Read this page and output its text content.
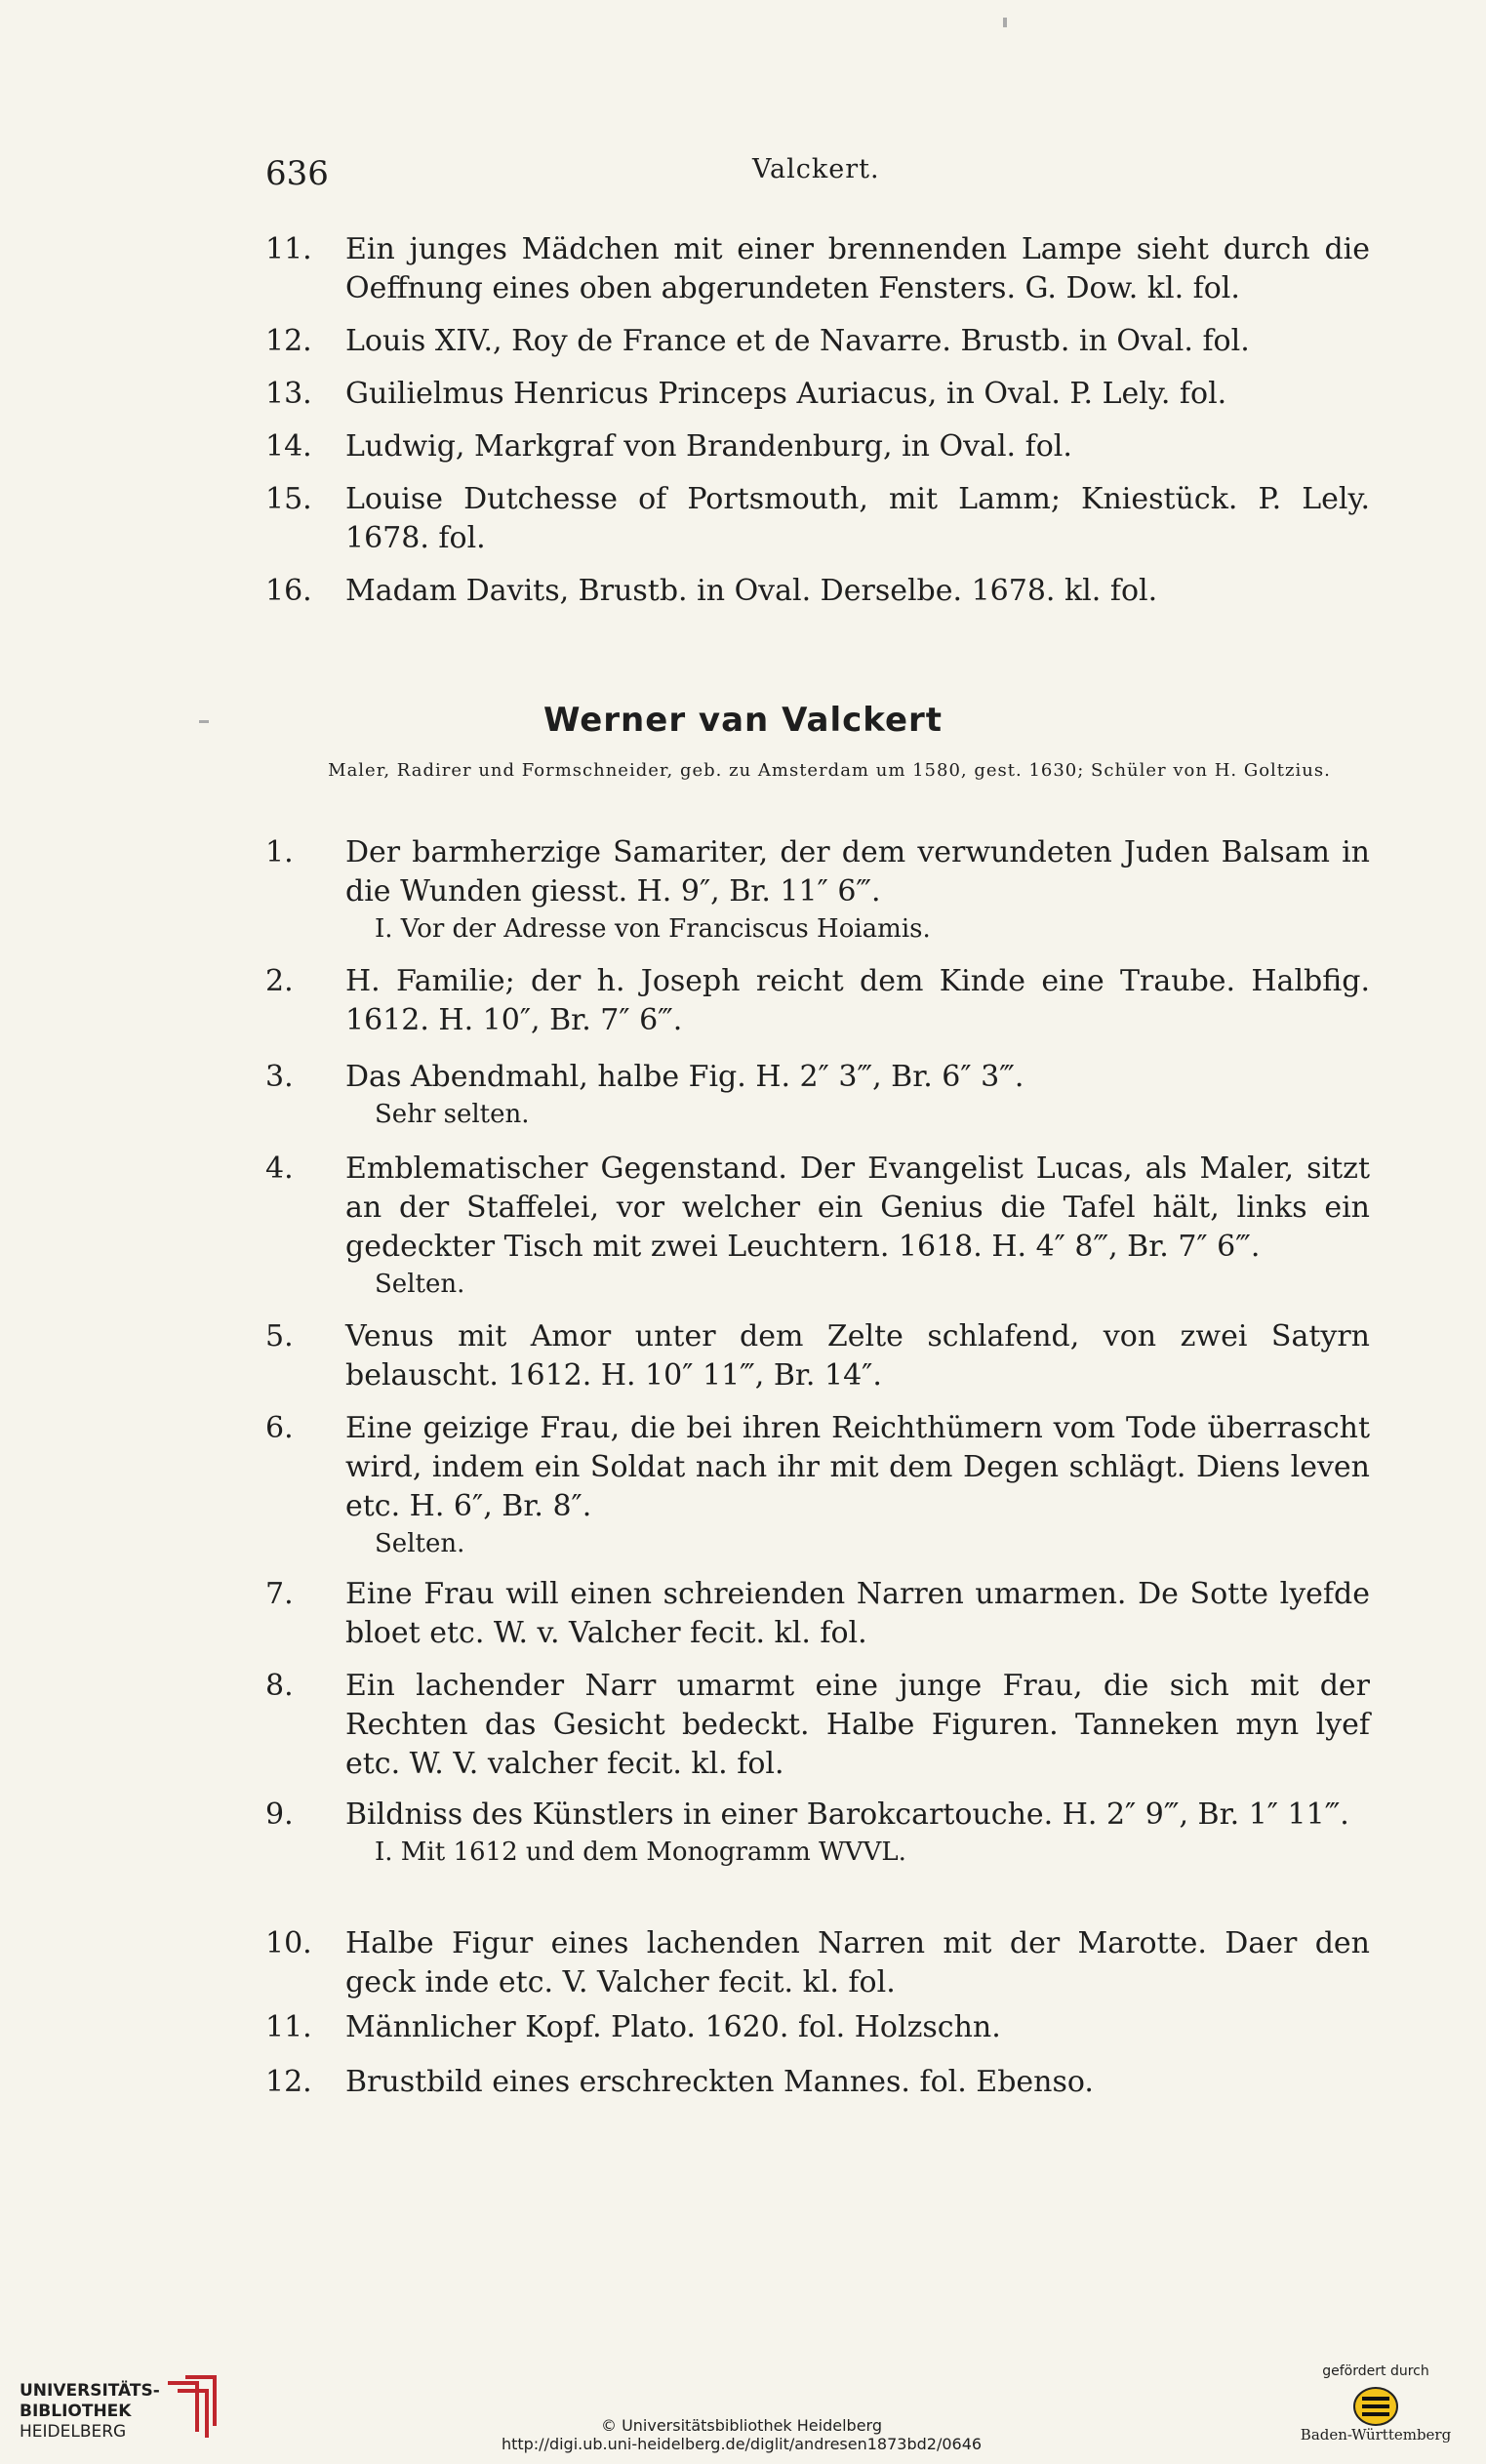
636	Valckert.
11.	Ein junges Mädchen mit einer brennenden Lampe sieht durch die Oeffnung eines oben abgerundeten Fensters. G. Dow. kl. fol.
12.	Louis XIV., Roy de France et de Navarre. Brustb. in Oval. fol.
13.	Guilielmus Henricus Princeps Auriacus, in Oval. P. Lely. fol.
14.	Ludwig, Markgraf von Brandenburg, in Oval. fol.
15.	Louise Dutchesse of Portsmouth, mit Lamm; Kniestück. P. Lely. 1678. fol.
16.	Madam Davits, Brustb. in Oval. Derselbe. 1678. kl. fol.
Werner van Valckert
Maler, Radirer und Formschneider, geb. zu Amsterdam um 1580, gest. 1630; Schüler von H. Goltzius.
1.	Der barmherzige Samariter, der dem verwundeten Juden Balsam in die Wunden giesst. H. 9″, Br. 11″ 6‴.
I. Vor der Adresse von Franciscus Hoiamis.
2.	H. Familie; der h. Joseph reicht dem Kinde eine Traube. Halbfig. 1612. H. 10″, Br. 7″ 6‴.
3.	Das Abendmahl, halbe Fig. H. 2″ 3‴, Br. 6″ 3‴.
Sehr selten.
4.	Emblematischer Gegenstand. Der Evangelist Lucas, als Maler, sitzt an der Staffelei, vor welcher ein Genius die Tafel hält, links ein gedeckter Tisch mit zwei Leuchtern. 1618. H. 4″ 8‴, Br. 7″ 6‴.
Selten.
5.	Venus mit Amor unter dem Zelte schlafend, von zwei Satyrn belauscht. 1612. H. 10″ 11‴, Br. 14″.
6.	Eine geizige Frau, die bei ihren Reichthümern vom Tode überrascht wird, indem ein Soldat nach ihr mit dem Degen schlägt. Diens leven etc. H. 6″, Br. 8″.
Selten.
7.	Eine Frau will einen schreienden Narren umarmen. De Sotte lyefde bloet etc. W. v. Valcher fecit. kl. fol.
8.	Ein lachender Narr umarmt eine junge Frau, die sich mit der Rechten das Gesicht bedeckt. Halbe Figuren. Tanneken myn lyef etc. W. V. valcher fecit. kl. fol.
9.	Bildniss des Künstlers in einer Barokcartouche. H. 2″ 9‴, Br. 1″ 11‴.
I. Mit 1612 und dem Monogramm WVVL.
10.	Halbe Figur eines lachenden Narren mit der Marotte. Daer den geck inde etc. V. Valcher fecit. kl. fol.
11.	Männlicher Kopf. Plato. 1620. fol. Holzschn.
12.	Brustbild eines erschreckten Mannes. fol. Ebenso.
UNIVERSITÄTS-
BIBLIOTHEK
HEIDELBERG	© Universitätsbibliothek Heidelberg
http://digi.ub.uni-heidelberg.de/diglit/andresen1873bd2/0646
gefördert durch
Baden-Württemberg
